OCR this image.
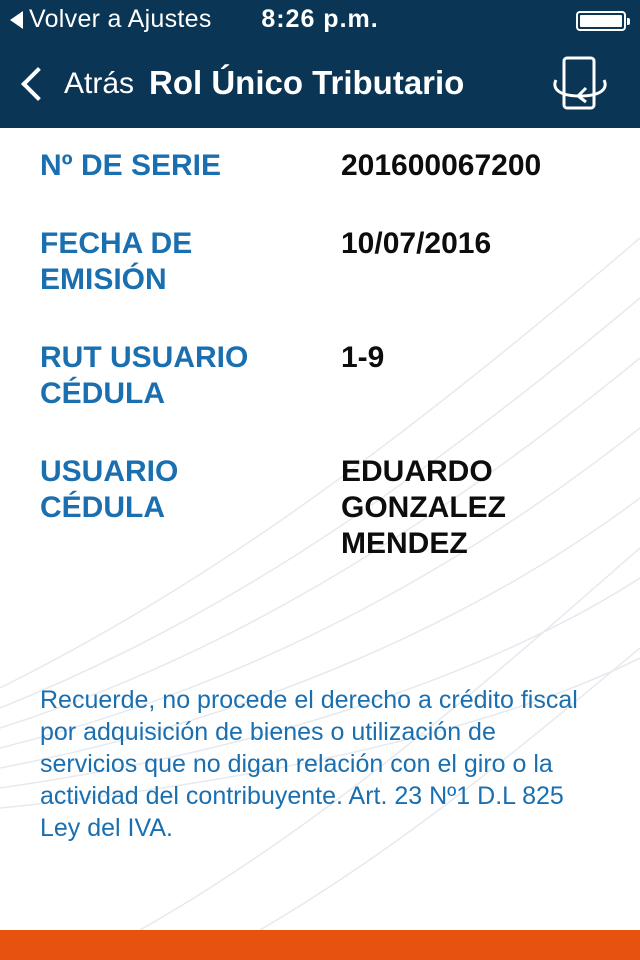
Volver a Ajustes	8:26 p.m.
Atrás Rol Único Tributario
Nº DE SERIE	201600067200
FECHA DE EMISIÓN
10/07/2016
RUT USUARIO CÉDULA
1-9
USUARIO CÉDULA
EDUARDO GONZALEZ MENDEZ
Recuerde, no procede el derecho a crédito fiscal por adquisición de bienes o utilización de servicios que no digan relación con el giro o la actividad del contribuyente. Art. 23 Nº1 D.L 825 Ley del IVA.
